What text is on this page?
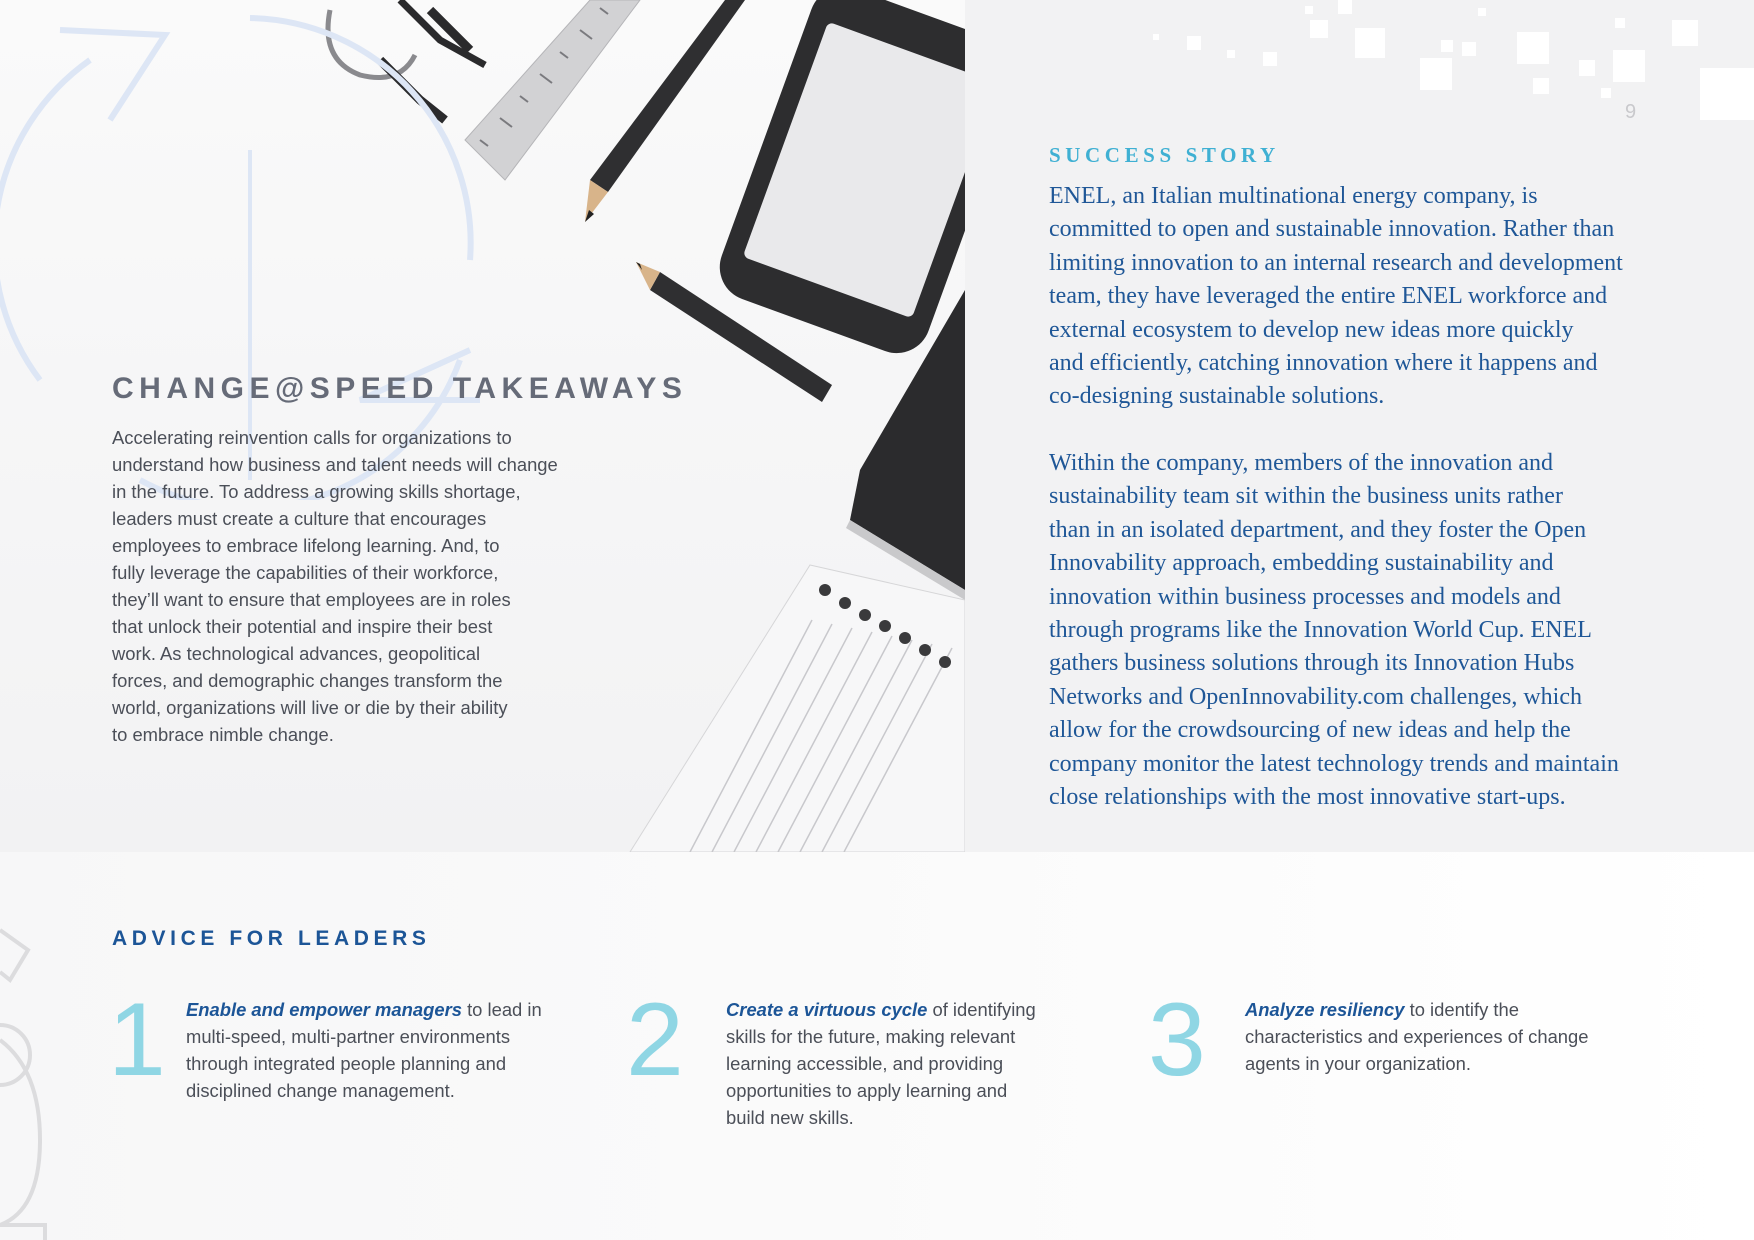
CHANGE@SPEED TAKEAWAYS

Accelerating reinvention calls for organizations to
understand how business and talent needs will change
in the future. To address a growing skills shortage,
leaders must create a culture that encourages
employees to embrace lifelong learning. And, to
fully leverage the capabilities of their workforce,
they’ll want to ensure that employees are in roles
that unlock their potential and inspire their best
work. As technological advances, geopolitical
forces, and demographic changes transform the
world, organizations will live or die by their ability
to embrace nimble change.

9
SUCCESS STORY

ENEL, an Italian multinational energy company, is
committed to open and sustainable innovation. Rather than
limiting innovation to an internal research and development
team, they have leveraged the entire ENEL workforce and
external ecosystem to develop new ideas more quickly
and efficiently, catching innovation where it happens and
co-designing sustainable solutions.

Within the company, members of the innovation and
sustainability team sit within the business units rather
than in an isolated department, and they foster the Open
Innovability approach, embedding sustainability and
innovation within business processes and models and
through programs like the Innovation World Cup. ENEL
gathers business solutions through its Innovation Hubs
Networks and OpenInnovability.com challenges, which
allow for the crowdsourcing of new ideas and help the
company monitor the latest technology trends and maintain
close relationships with the most innovative start-ups.

ADVICE FOR LEADERS
1 Enable and empower managers to lead in
multi-speed, multi-partner environments
through integrated people planning and
disciplined change management.	2 Create a virtuous cycle of identifying
skills for the future, making relevant
learning accessible, and providing
opportunities to apply learning and
build new skills.

3 Analyze resiliency to identify the
characteristics and experiences of change
agents in your organization.
